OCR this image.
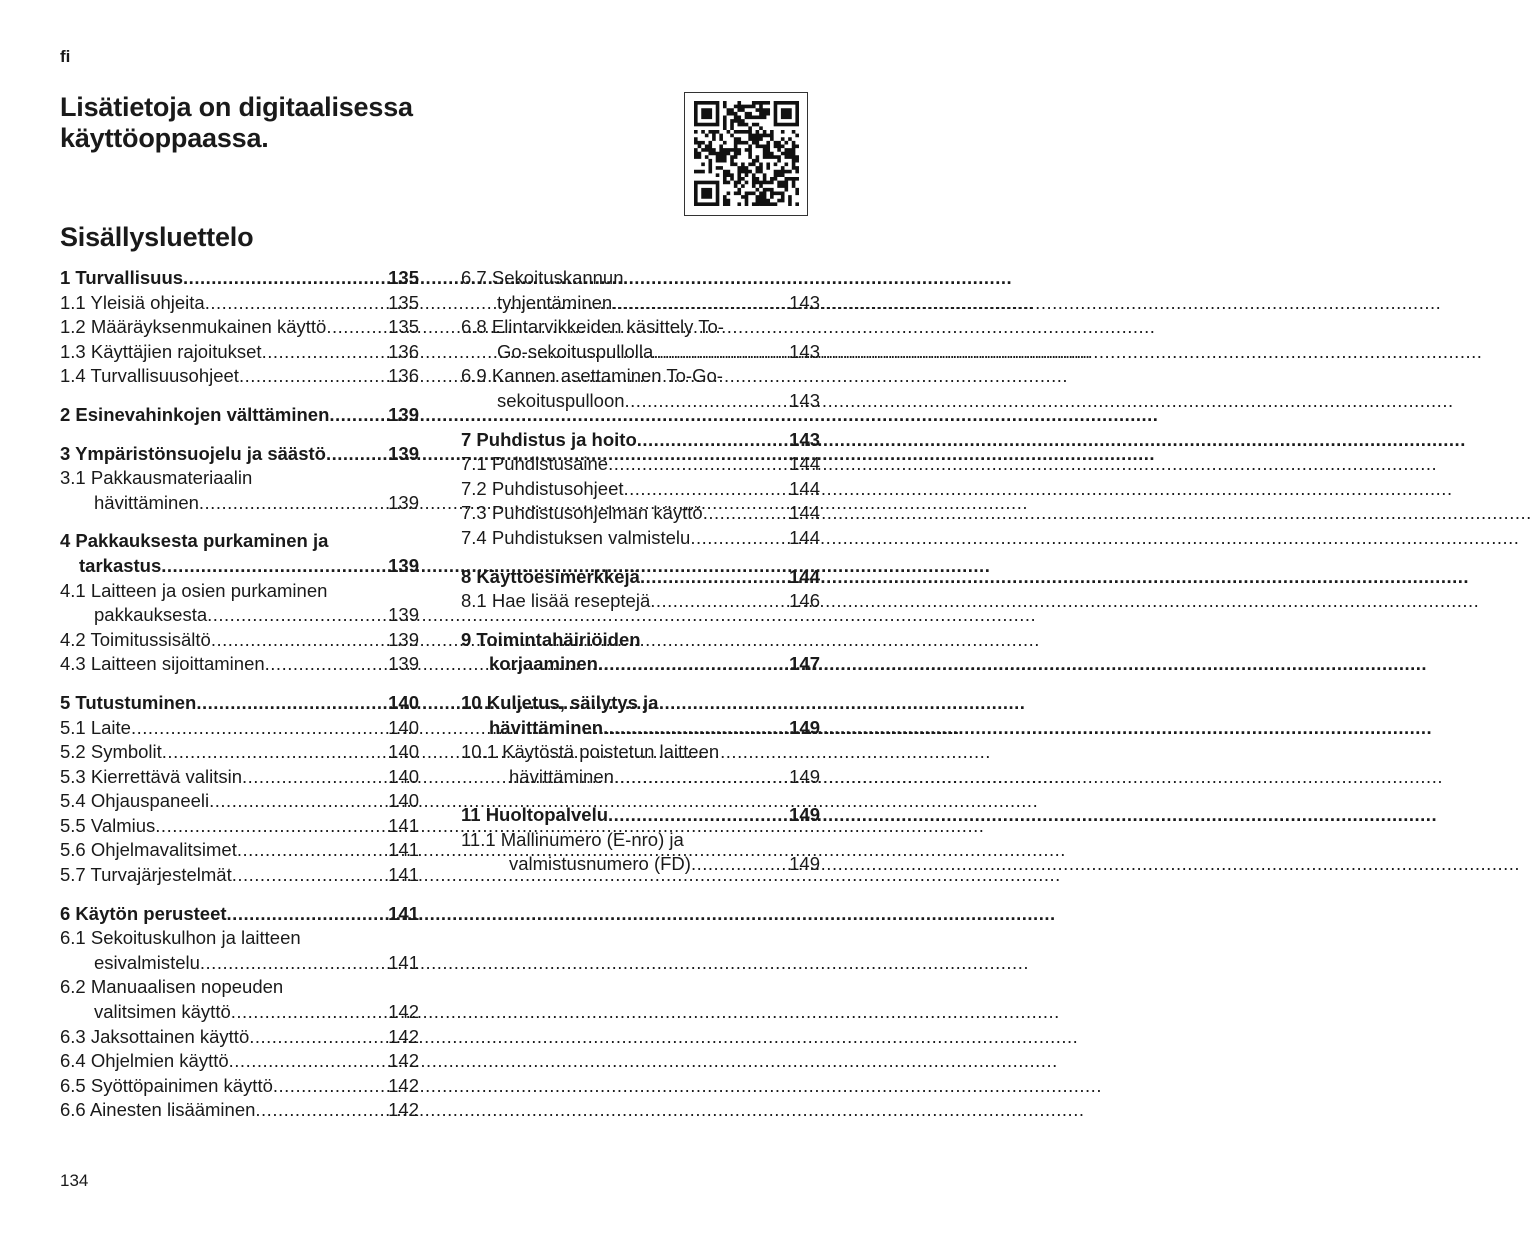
fi
Lisätietoja on digitaalisessa käyttöoppaassa.
Sisällysluettelo
1 Turvallisuus .....	135
1.1 Yleisiä ohjeita .....	135
1.2 Määräyksenmukainen käyttö .....	135
1.3 Käyttäjien rajoitukset .....	136
1.4 Turvallisuusohjeet .....	136
2 Esinevahinkojen välttäminen .....	139
3 Ympäristönsuojelu ja säästö .....	139
3.1 Pakkausmateriaalin
hävittäminen .....	139
4 Pakkauksesta purkaminen ja
tarkastus .....	139
4.1 Laitteen ja osien purkaminen
pakkauksesta .....	139
4.2 Toimitussisältö .....	139
4.3 Laitteen sijoittaminen .....	139
5 Tutustuminen .....	140
5.1 Laite .....	140
5.2 Symbolit .....	140
5.3 Kierrettävä valitsin .....	140
5.4 Ohjauspaneeli .....	140
5.5 Valmius .....	141
5.6 Ohjelmavalitsimet .....	141
5.7 Turvajärjestelmät .....	141
6 Käytön perusteet .....	141
6.1 Sekoituskulhon ja laitteen
esivalmistelu .....	141
6.2 Manuaalisen nopeuden
valitsimen käyttö .....	142
6.3 Jaksottainen käyttö .....	142
6.4 Ohjelmien käyttö .....	142
6.5 Syöttöpainimen käyttö .....	142
6.6 Ainesten lisääminen .....	142
6.7 Sekoituskannun
tyhjentäminen .....	143
6.8 Elintarvikkeiden käsittely To-
Go-sekoituspullolla .....	143
6.9 Kannen asettaminen To-Go-
sekoituspulloon .....	143
7 Puhdistus ja hoito .....	143
7.1 Puhdistusaine .....	144
7.2 Puhdistusohjeet .....	144
7.3 Puhdistusohjelman käyttö .....	144
7.4 Puhdistuksen valmistelu .....	144
8 Käyttöesimerkkejä .....	144
8.1 Hae lisää reseptejä .....	146
9 Toimintahäiriöiden
korjaaminen .....	147
10 Kuljetus, säilytys ja
hävittäminen .....	149
10.1 Käytöstä poistetun laitteen
hävittäminen .....	149
11 Huoltopalvelu .....	149
11.1 Mallinumero (E-nro) ja
valmistusnumero (FD) .....	149
134
